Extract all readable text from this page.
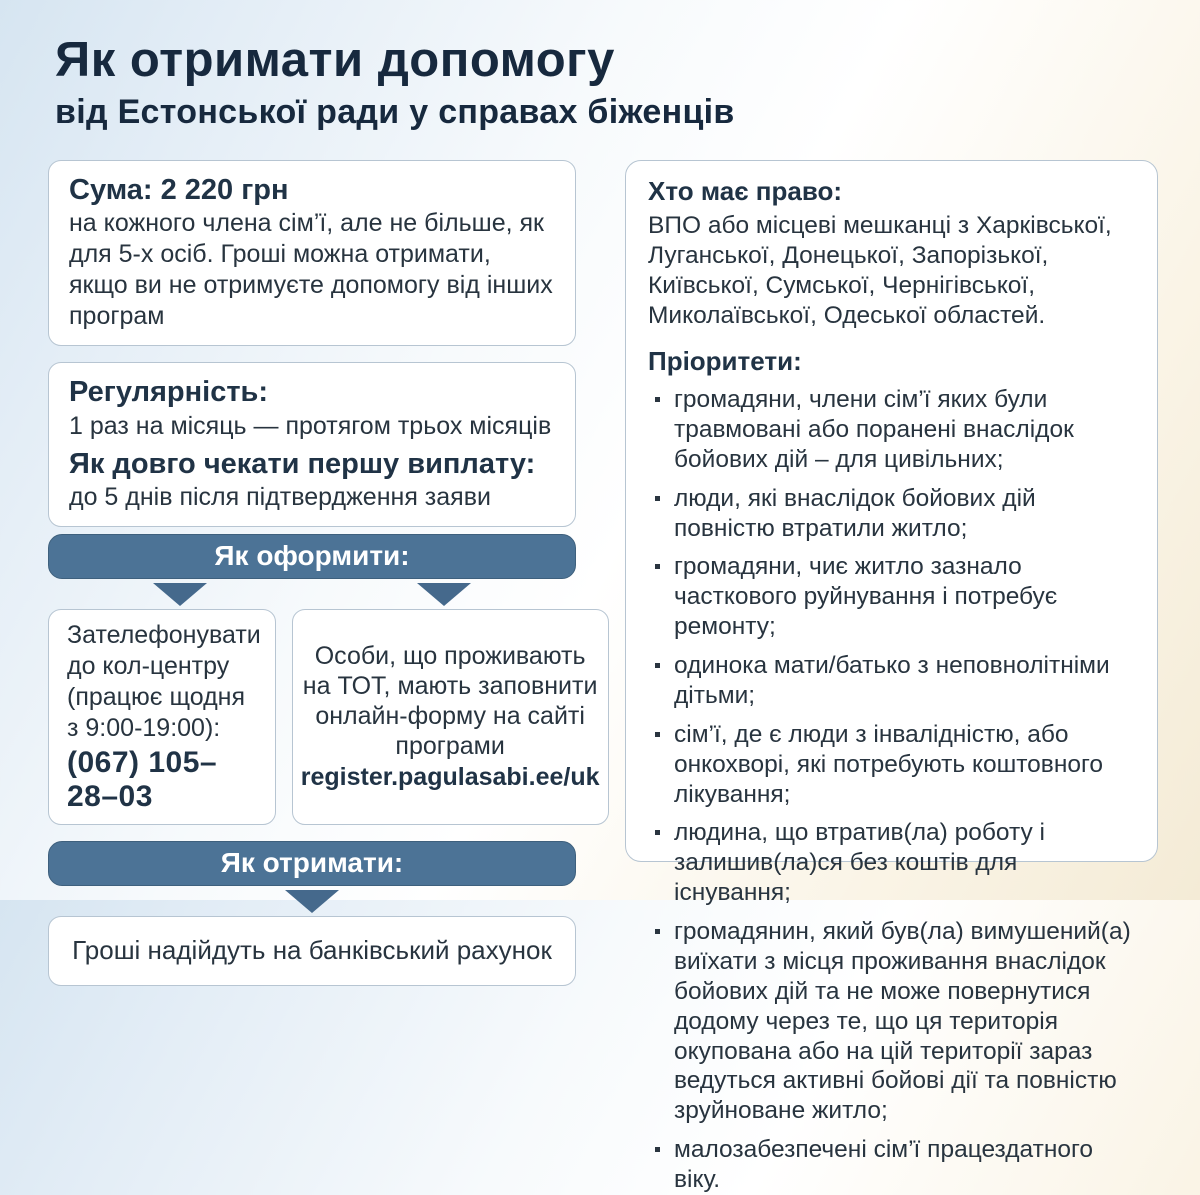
Як отримати допомогу
від Естонської ради у справах біженців
Сума: 2 220 грн
на кожного члена сім’ї, але не більше, як для 5-х осіб. Гроші можна отримати, якщо ви не отримуєте допомогу від інших програм
Регулярність:
1 раз на місяць — протягом трьох місяців
Як довго чекати першу виплату:
до 5 днів після підтвердження заяви
Як оформити:
Зателефонувати до кол-центру (працює щодня з 9:00-19:00):
(067) 105–28–03
Особи, що проживають на ТОТ, мають заповнити онлайн-форму на сайті програми
register.pagulasabi.ee/uk
Як отримати:
Гроші надійдуть на банківський рахунок
Хто має право:
ВПО або місцеві мешканці з Харківської, Луганської, Донецької, Запорізької, Київської, Сумської, Чернігівської, Миколаївської, Одеської областей.
Пріоритети:
громадяни, члени сім’ї яких були травмовані або поранені внаслідок бойових дій – для цивільних;
люди, які внаслідок бойових дій повністю втратили житло;
громадяни, чиє житло зазнало часткового руйнування і потребує ремонту;
одинока мати/батько з неповнолітніми дітьми;
сім’ї, де є люди з інвалідністю, або онкохворі, які потребують коштовного лікування;
людина, що втратив(ла) роботу і залишив(ла)ся без коштів для існування;
громадянин, який був(ла) вимушений(а) виїхати з місця проживання внаслідок бойових дій та не може повернутися додому через те, що ця територія окупована або на цій території зараз ведуться активні бойові дії та повністю зруйноване житло;
малозабезпечені сім’ї працездатного віку.
